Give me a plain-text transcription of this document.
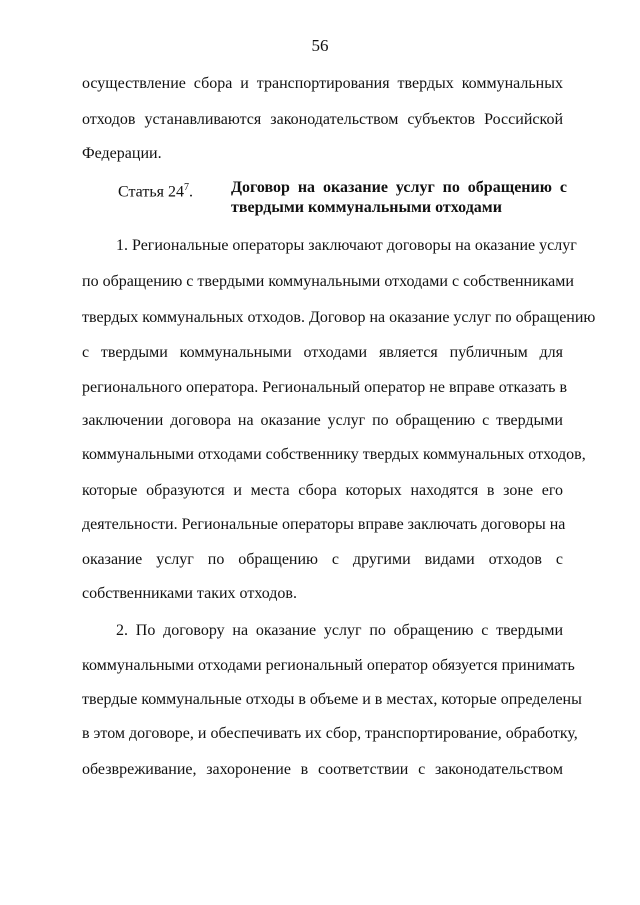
56
осуществление сбора и транспортирования твердых коммунальных
отходов устанавливаются законодательством субъектов Российской
Федерации.
Статья $24^7$. Договор на оказание услуг по обращению с
твердыми коммунальными отходами
1. Региональные операторы заключают договоры на оказание услуг
по обращению с твердыми коммунальными отходами с собственниками
твердых коммунальных отходов. Договор на оказание услуг по обращению
с твердыми коммунальными отходами является публичным для
регионального оператора. Региональный оператор не вправе отказать в
заключении договора на оказание услуг по обращению с твердыми
коммунальными отходами собственнику твердых коммунальных отходов,
которые образуются и места сбора которых находятся в зоне его
деятельности. Региональные операторы вправе заключать договоры на
оказание услуг по обращению с другими видами отходов с
собственниками таких отходов.
2. По договору на оказание услуг по обращению с твердыми
коммунальными отходами региональный оператор обязуется принимать
твердые коммунальные отходы в объеме и в местах, которые определены
в этом договоре, и обеспечивать их сбор, транспортирование, обработку,
обезвреживание, захоронение в соответствии с законодательством
